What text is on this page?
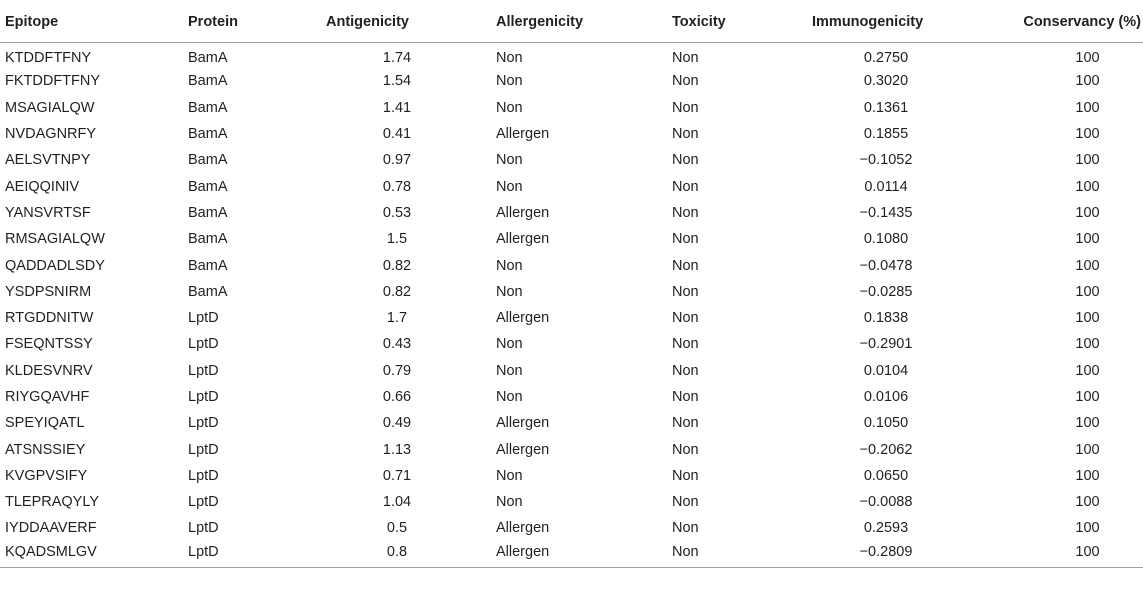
Epitope	Protein	Antigenicity	Allergenicity	Toxicity	Immunogenicity	Conservancy (%)
KTDDFTFNY	BamA	1.74	Non	Non	0.2750	100
FKTDDFTFNY	BamA	1.54	Non	Non	0.3020	100
MSAGIALQW	BamA	1.41	Non	Non	0.1361	100
NVDAGNRFY	BamA	0.41	Allergen	Non	0.1855	100
AELSVTNPY	BamA	0.97	Non	Non	−0.1052	100
AEIQQINIV	BamA	0.78	Non	Non	0.0114	100
YANSVRTSF	BamA	0.53	Allergen	Non	−0.1435	100
RMSAGIALQW	BamA	1.5	Allergen	Non	0.1080	100
QADDADLSDY	BamA	0.82	Non	Non	−0.0478	100
YSDPSNIRM	BamA	0.82	Non	Non	−0.0285	100
RTGDDNITW	LptD	1.7	Allergen	Non	0.1838	100
FSEQNTSSY	LptD	0.43	Non	Non	−0.2901	100
KLDESVNRV	LptD	0.79	Non	Non	0.0104	100
RIYGQAVHF	LptD	0.66	Non	Non	0.0106	100
SPEYIQATL	LptD	0.49	Allergen	Non	0.1050	100
ATSNSSIEY	LptD	1.13	Allergen	Non	−0.2062	100
KVGPVSIFY	LptD	0.71	Non	Non	0.0650	100
TLEPRAQYLY	LptD	1.04	Non	Non	−0.0088	100
IYDDAAVERF	LptD	0.5	Allergen	Non	0.2593	100
KQADSMLGV	LptD	0.8	Allergen	Non	−0.2809	100
